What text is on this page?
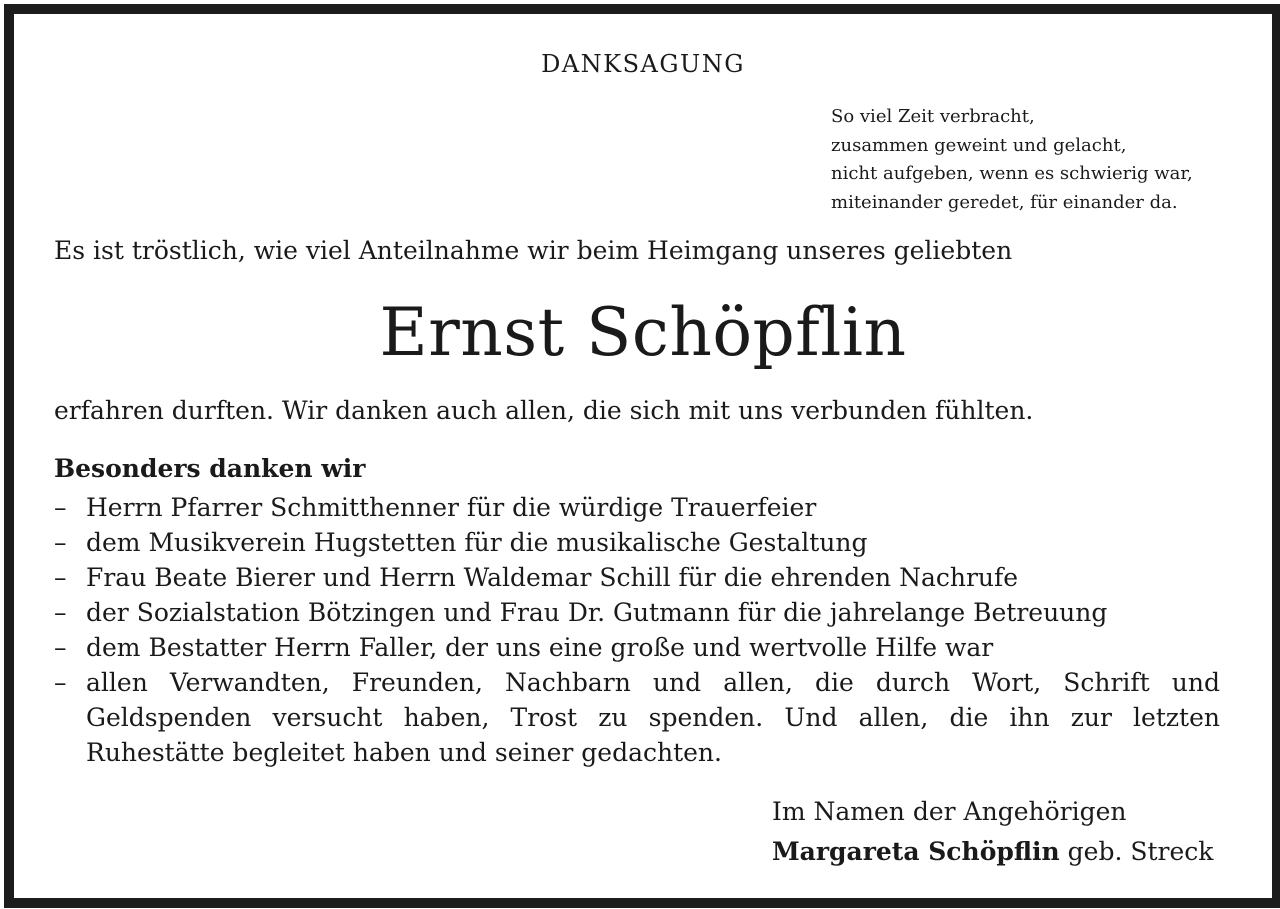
DANKSAGUNG
So viel Zeit verbracht,
zusammen geweint und gelacht,
nicht aufgeben, wenn es schwierig war,
miteinander geredet, für einander da.
Es ist tröstlich, wie viel Anteilnahme wir beim Heimgang unseres geliebten
Ernst Schöpflin
erfahren durften. Wir danken auch allen, die sich mit uns verbunden fühlten.
Besonders danken wir
– Herrn Pfarrer Schmitthenner für die würdige Trauerfeier
– dem Musikverein Hugstetten für die musikalische Gestaltung
– Frau Beate Bierer und Herrn Waldemar Schill für die ehrenden Nachrufe
– der Sozialstation Bötzingen und Frau Dr. Gutmann für die jahrelange Betreuung
– dem Bestatter Herrn Faller, der uns eine große und wertvolle Hilfe war
– allen Verwandten, Freunden, Nachbarn und allen, die durch Wort, Schrift und Geldspenden versucht haben, Trost zu spenden. Und allen, die ihn zur letzten Ruhestätte begleitet haben und seiner gedachten.
Im Namen der Angehörigen
Margareta Schöpflin geb. Streck
